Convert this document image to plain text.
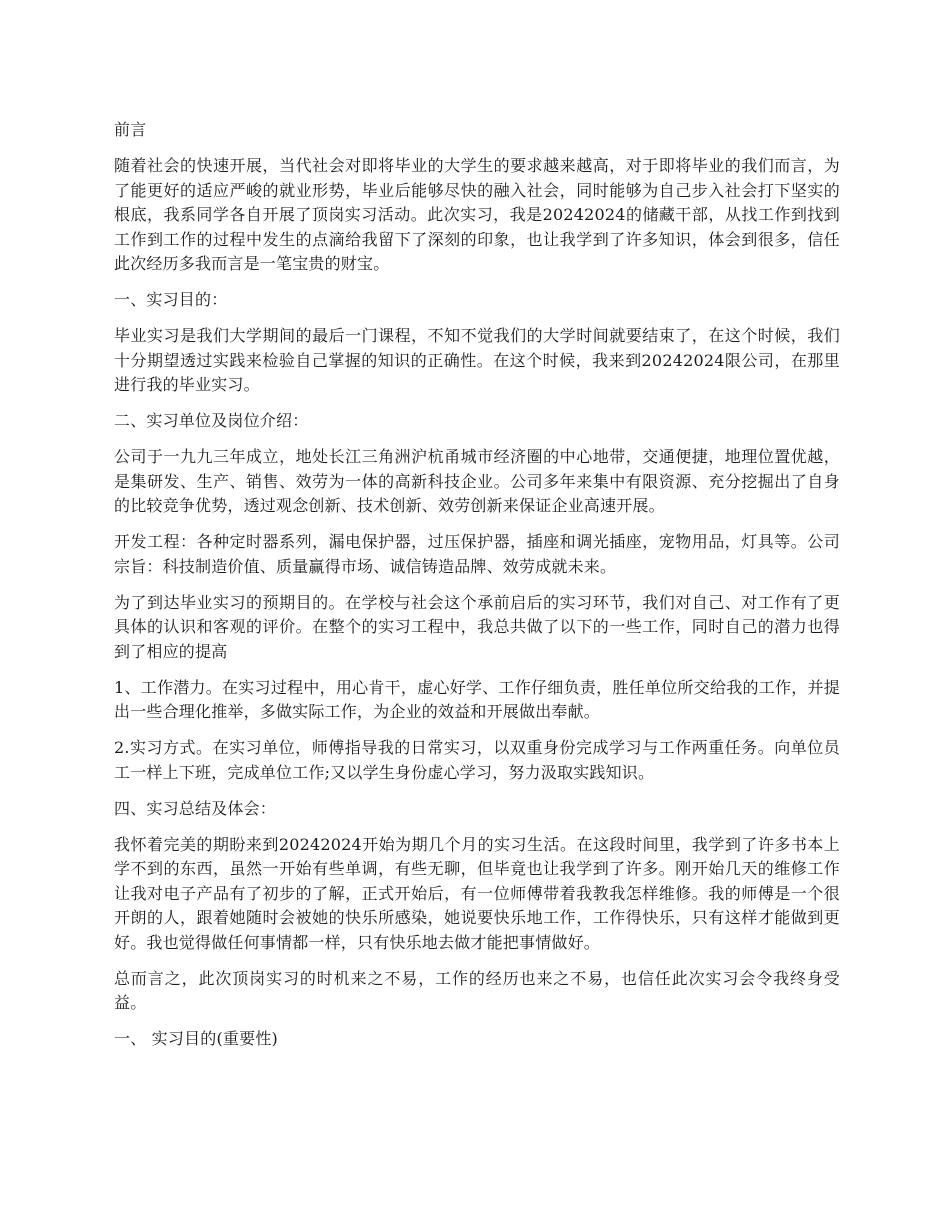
前言

随着社会的快速开展，当代社会对即将毕业的大学生的要求越来越高，对于即将毕业的我们而言，为了能更好的适应严峻的就业形势，毕业后能够尽快的融入社会，同时能够为自己步入社会打下坚实的根底，我系同学各自开展了顶岗实习活动。此次实习，我是20242024的储藏干部，从找工作到找到工作到工作的过程中发生的点滴给我留下了深刻的印象，也让我学到了许多知识，体会到很多，信任此次经历多我而言是一笔宝贵的财宝。

一、实习目的：

毕业实习是我们大学期间的最后一门课程，不知不觉我们的大学时间就要结束了，在这个时候，我们十分期望透过实践来检验自己掌握的知识的正确性。在这个时候，我来到20242024限公司，在那里进行我的毕业实习。

二、实习单位及岗位介绍：

公司于一九九三年成立，地处长江三角洲沪杭甬城市经济圈的中心地带，交通便捷，地理位置优越，是集研发、生产、销售、效劳为一体的高新科技企业。公司多年来集中有限资源、充分挖掘出了自身的比较竞争优势，透过观念创新、技术创新、效劳创新来保证企业高速开展。

开发工程：各种定时器系列，漏电保护器，过压保护器，插座和调光插座，宠物用品，灯具等。公司宗旨：科技制造价值、质量赢得市场、诚信铸造品牌、效劳成就未来。

为了到达毕业实习的预期目的。在学校与社会这个承前启后的实习环节，我们对自己、对工作有了更具体的认识和客观的评价。在整个的实习工程中，我总共做了以下的一些工作，同时自己的潜力也得到了相应的提高

1、工作潜力。在实习过程中，用心肯干，虚心好学、工作仔细负责，胜任单位所交给我的工作，并提出一些合理化推举，多做实际工作，为企业的效益和开展做出奉献。

2.实习方式。在实习单位，师傅指导我的日常实习，以双重身份完成学习与工作两重任务。向单位员工一样上下班，完成单位工作;又以学生身份虚心学习，努力汲取实践知识。

四、实习总结及体会：

我怀着完美的期盼来到20242024开始为期几个月的实习生活。在这段时间里，我学到了许多书本上学不到的东西，虽然一开始有些单调，有些无聊，但毕竟也让我学到了许多。刚开始几天的维修工作让我对电子产品有了初步的了解，正式开始后，有一位师傅带着我教我怎样维修。我的师傅是一个很开朗的人，跟着她随时会被她的快乐所感染，她说要快乐地工作，工作得快乐，只有这样才能做到更好。我也觉得做任何事情都一样，只有快乐地去做才能把事情做好。

总而言之，此次顶岗实习的时机来之不易，工作的经历也来之不易，也信任此次实习会令我终身受益。

一、 实习目的(重要性)
